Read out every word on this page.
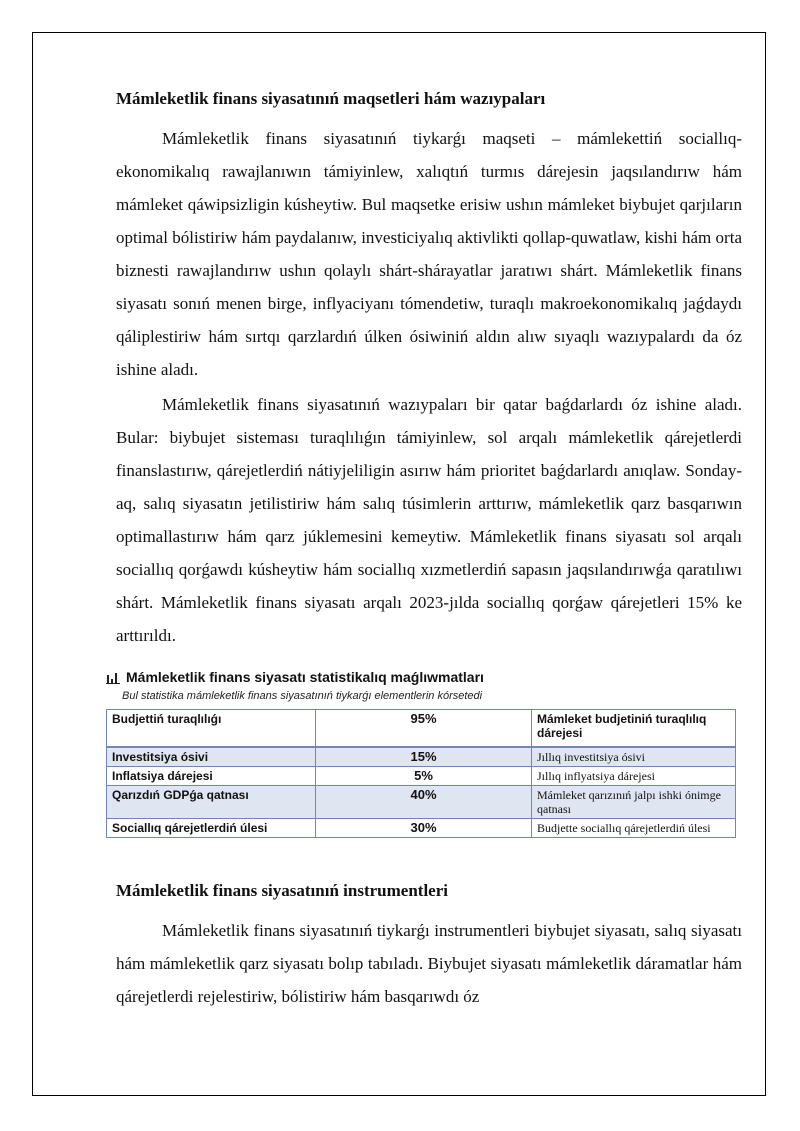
Mámleketlik finans siyasatınıń maqsetleri hám wazıypaları

Mámleketlik finans siyasatınıń tiykarǵı maqseti – mámlekettiń sociallıq-ekonomikalıq rawajlanıwın támiyinlew, xalıqtıń turmıs dárejesin jaqsılandırıw hám mámleket qáwipsizligin kúsheytiw. Bul maqsetke erisiw ushın mámleket biybujet qarjıların optimal bólistiriw hám paydalanıw, investiciyalıq aktivlikti qollap-quwatlaw, kishi hám orta biznesti rawajlandırıw ushın qolaylı shárt-shárayatlar jaratıwı shárt. Mámleketlik finans siyasatı sonıń menen birge, inflyaciyanı tómendetiw, turaqlı makroekonomikalıq jaǵdaydı qáliplestiriw hám sırtqı qarzlardıń úlken ósiwiniń aldın alıw sıyaqlı wazıypalardı da óz ishine aladı.

Mámleketlik finans siyasatınıń wazıypaları bir qatar baǵdarlardı óz ishine aladı. Bular: biybujet sisteması turaqlılıǵın támiyinlew, sol arqalı mámleketlik qárejetlerdi finanslastırıw, qárejetlerdiń nátiyjeliligin asırıw hám prioritet baǵdarlardı anıqlaw. Sonday-aq, salıq siyasatın jetilistiriw hám salıq túsimlerin arttırıw, mámleketlik qarz basqarıwın optimallastırıw hám qarz júklemesini kemeytiw. Mámleketlik finans siyasatı sol arqalı sociallıq qorǵawdı kúsheytiw hám sociallıq xızmetlerdiń sapasın jaqsılandırıwǵa qaratılıwı shárt. Mámleketlik finans siyasatı arqalı 2023-jılda sociallıq qorǵaw qárejetleri 15% ke arttırıldı.

Mámleketlik finans siyasatı statistikalıq maǵlıwmatları
Bul statistika mámleketlik finans siyasatınıń tiykarǵı elementlerin kórsetedi
Budjettiń turaqlılıǵı	95%	Mámleket budjetiniń turaqlılıq dárejesi
Investitsiya ósivi	15%	Jıllıq investitsiya ósivi
Inflatsiya dárejesi	5%	Jıllıq inflyatsiya dárejesi
Qarızdıń GDPǵa qatnası	40%	Mámleket qarızınıń jalpı ishki ónimge qatnası
Sociallıq qárejetlerdiń úlesi	30%	Budjette sociallıq qárejetlerdiń úlesi
Mámleketlik finans siyasatınıń instrumentleri

Mámleketlik finans siyasatınıń tiykarǵı instrumentleri biybujet siyasatı, salıq siyasatı hám mámleketlik qarz siyasatı bolıp tabıladı. Biybujet siyasatı mámleketlik dáramatlar hám qárejetlerdi rejelestiriw, bólistiriw hám basqarıwdı óz
